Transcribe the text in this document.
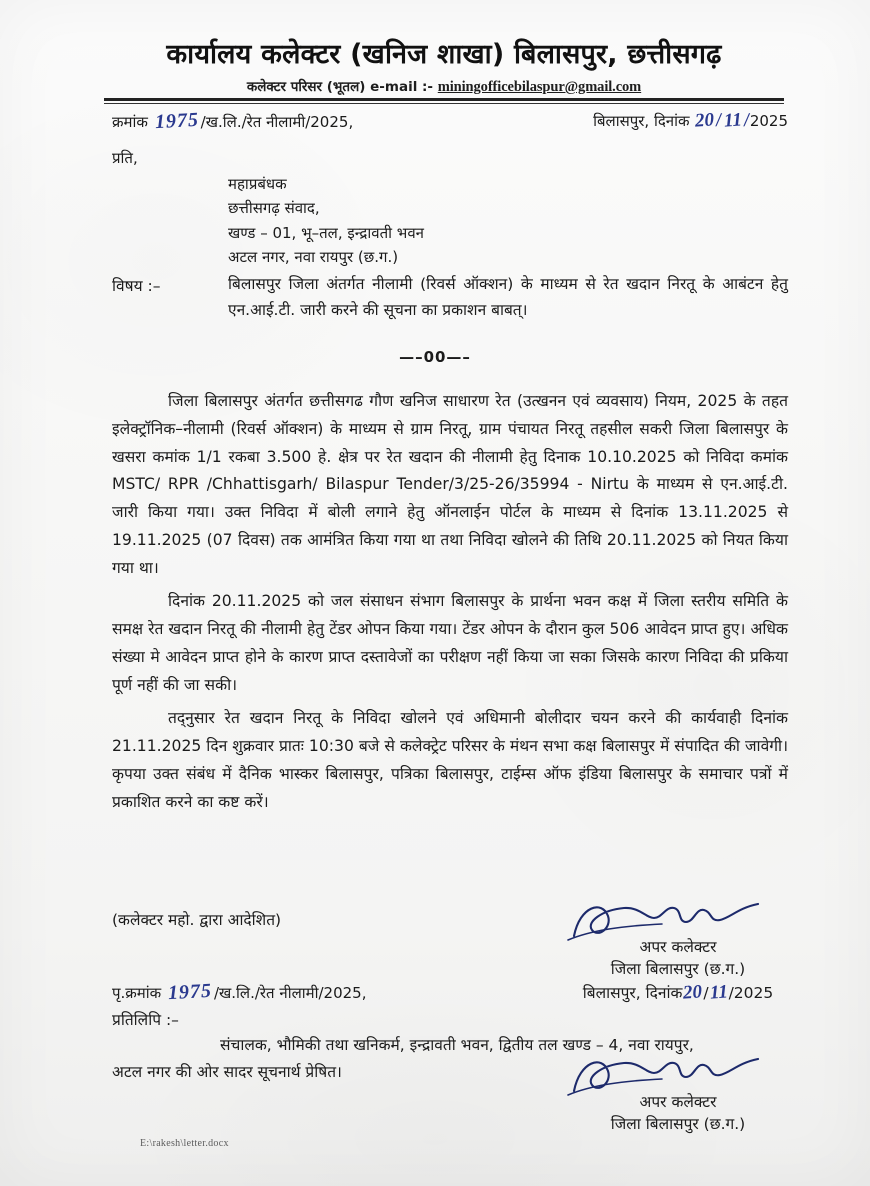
कार्यालय कलेक्टर (खनिज शाखा) बिलासपुर, छत्तीसगढ़
कलेक्टर परिसर (भूतल) e-mail :- miningofficebilaspur@gmail.com
क्रमांक 1975/ख.लि./रेत नीलामी/2025,	बिलासपुर, दिनांक 20/11/2025
प्रति,
महाप्रबंधक
छत्तीसगढ़ संवाद,
खण्ड – 01, भू–तल, इन्द्रावती भवन
अटल नगर, नवा रायपुर (छ.ग.)
विषय :–	बिलासपुर जिला अंतर्गत नीलामी (रिवर्स ऑक्शन) के माध्यम से रेत खदान निरतू के आबंटन हेतु एन.आई.टी. जारी करने की सूचना का प्रकाशन बाबत्।
—–00—–

जिला बिलासपुर अंतर्गत छत्तीसगढ गौण खनिज साधारण रेत (उत्खनन एवं व्यवसाय) नियम, 2025 के तहत इलेक्ट्रॉनिक–नीलामी (रिवर्स ऑक्शन) के माध्यम से ग्राम निरतू, ग्राम पंचायत निरतू तहसील सकरी जिला बिलासपुर के खसरा कमांक 1/1 रकबा 3.500 हे. क्षेत्र पर रेत खदान की नीलामी हेतु दिनाक 10.10.2025 को निविदा कमांक MSTC/ RPR /Chhattisgarh/ Bilaspur Tender/3/25-26/35994 - Nirtu के माध्यम से एन.आई.टी. जारी किया गया। उक्त निविदा में बोली लगाने हेतु ऑनलाईन पोर्टल के माध्यम से दिनांक 13.11.2025 से 19.11.2025 (07 दिवस) तक आमंत्रित किया गया था तथा निविदा खोलने की तिथि 20.11.2025 को नियत किया गया था।

दिनांक 20.11.2025 को जल संसाधन संभाग बिलासपुर के प्रार्थना भवन कक्ष में जिला स्तरीय समिति के समक्ष रेत खदान निरतू की नीलामी हेतु टेंडर ओपन किया गया। टेंडर ओपन के दौरान कुल 506 आवेदन प्राप्त हुए। अधिक संख्या मे आवेदन प्राप्त होने के कारण प्राप्त दस्तावेजों का परीक्षण नहीं किया जा सका जिसके कारण निविदा की प्रकिया पूर्ण नहीं की जा सकी।

तद्नुसार रेत खदान निरतू के निविदा खोलने एवं अधिमानी बोलीदार चयन करने की कार्यवाही दिनांक 21.11.2025 दिन शुक्रवार प्रातः 10:30 बजे से कलेक्ट्रेट परिसर के मंथन सभा कक्ष बिलासपुर में संपादित की जावेगी। कृपया उक्त संबंध में दैनिक भास्कर बिलासपुर, पत्रिका बिलासपुर, टाईम्स ऑफ इंडिया बिलासपुर के समाचार पत्रों में प्रकाशित करने का कष्ट करें।

(कलेक्टर महो. द्वारा आदेशित)
अपर कलेक्टर
जिला बिलासपुर (छ.ग.)
बिलासपुर, दिनांक20/11/2025
पृ.क्रमांक 1975/ख.लि./रेत नीलामी/2025,
प्रतिलिपि :–
संचालक, भौमिकी तथा खनिकर्म, इन्द्रावती भवन, द्वितीय तल खण्ड – 4, नवा रायपुर, अटल नगर की ओर सादर सूचनार्थ प्रेषित।
अपर कलेक्टर
जिला बिलासपुर (छ.ग.)
E:\rakesh\letter.docx
